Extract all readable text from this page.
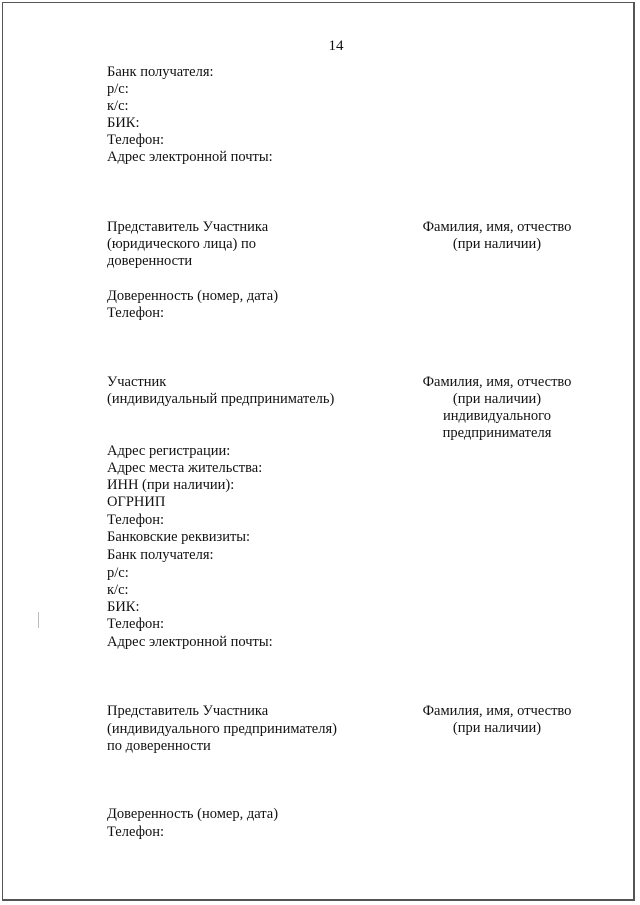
14
Банк получателя:
р/с:
к/с:
БИК:
Телефон:
Адрес электронной почты:
Представитель Участника
(юридического лица) по
доверенности
Фамилия, имя, отчество
(при наличии)
Доверенность (номер, дата)
Телефон:
Участник
(индивидуальный предприниматель)
Фамилия, имя, отчество
(при наличии)
индивидуального
предпринимателя
Адрес регистрации:
Адрес места жительства:
ИНН (при наличии):
ОГРНИП
Телефон:
Банковские реквизиты:
Банк получателя:
р/с:
к/с:
БИК:
Телефон:
Адрес электронной почты:
Представитель Участника
(индивидуального предпринимателя)
по доверенности
Фамилия, имя, отчество
(при наличии)
Доверенность (номер, дата)
Телефон:
